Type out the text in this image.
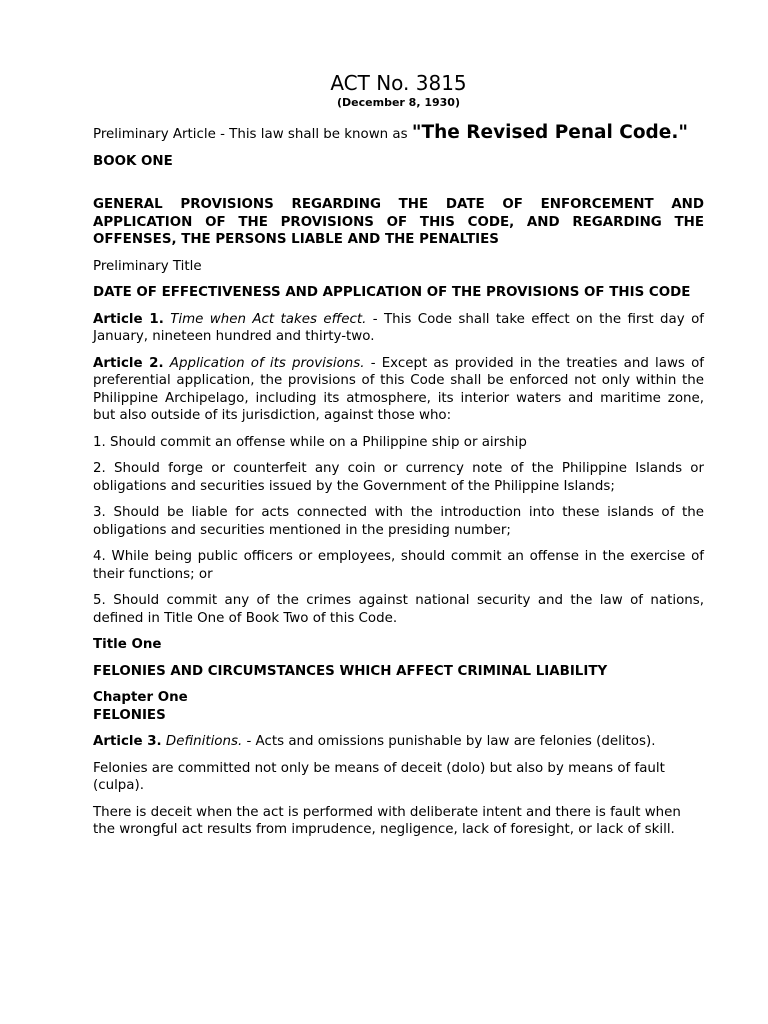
ACT No. 3815
(December 8, 1930)

Preliminary Article - This law shall be known as "The Revised Penal Code."

BOOK ONE

GENERAL PROVISIONS REGARDING THE DATE OF ENFORCEMENT AND APPLICATION OF THE PROVISIONS OF THIS CODE, AND REGARDING THE OFFENSES, THE PERSONS LIABLE AND THE PENALTIES

Preliminary Title

DATE OF EFFECTIVENESS AND APPLICATION OF THE PROVISIONS OF THIS CODE

Article 1. Time when Act takes effect. - This Code shall take effect on the first day of January, nineteen hundred and thirty-two.

Article 2. Application of its provisions. - Except as provided in the treaties and laws of preferential application, the provisions of this Code shall be enforced not only within the Philippine Archipelago, including its atmosphere, its interior waters and maritime zone, but also outside of its jurisdiction, against those who:

1. Should commit an offense while on a Philippine ship or airship

2. Should forge or counterfeit any coin or currency note of the Philippine Islands or obligations and securities issued by the Government of the Philippine Islands;

3. Should be liable for acts connected with the introduction into these islands of the obligations and securities mentioned in the presiding number;

4. While being public officers or employees, should commit an offense in the exercise of their functions; or

5. Should commit any of the crimes against national security and the law of nations, defined in Title One of Book Two of this Code.

Title One

FELONIES AND CIRCUMSTANCES WHICH AFFECT CRIMINAL LIABILITY

Chapter One

FELONIES

Article 3. Definitions. - Acts and omissions punishable by law are felonies (delitos).

Felonies are committed not only be means of deceit (dolo) but also by means of fault (culpa).

There is deceit when the act is performed with deliberate intent and there is fault when the wrongful act results from imprudence, negligence, lack of foresight, or lack of skill.
